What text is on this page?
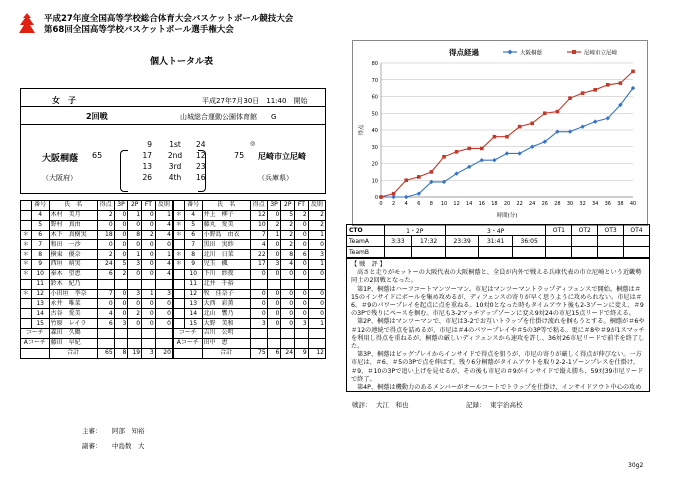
平成27年度全国高等学校総合体育大会バスケットボール競技大会
第68回全国高等学校バスケットボール選手権大会
個人トータル表
女　子	平成27年7月30日　11:40　開始
2回戦	山城総合運動公園体育館　　G
大阪桐蔭
（大阪府）
65
9	1st	24
17	2nd	12
13	3rd	23
26	4th	16
◎
75 尼崎市立尼崎
（兵庫県）
	番号	氏　名	得点	3P	2P	FT	反則		番号	氏　名	得点	3P	2P	FT	反則
	4	木村　美月	2	0	1	0	1	＊	4	井上　柳子	12	0	5	2	2
	5	野村　真由	0	0	0	0	4	＊	5	藤丸　愛美	10	2	2	0	2
＊	6	木下　真樹実	18	0	8	2	4	＊	6	小野島　由衣	7	1	2	0	1
＊	7	和田　一沙	0	0	0	0	0		7	黒田　実紗	4	0	2	0	0
＊	8	横東　優奈	2	0	1	0	1	＊	8	北川　日菜	22	0	8	6	3
＊	9	西垣　萌実	24	5	3	0	4	＊	9	児玉　楓	17	3	4	0	1
＊	10	奉木　望恵	6	2	0	0	4		10	下川　紗夜	0	0	0	0	0
	11	鈴木　紀乃							11	北井　千裕					
＊	12	小田垣　李奈	7	0	3	1	3		12	牧　佳奈子	0	0	0	0	0
	13	永井　唯菜	0	0	0	0	0		13	大西　彩薫	0	0	0	0	0
	14	古谷　愛美	4	0	2	0	0		14	北山　響乃	0	0	0	0	0
	15	竹原　レイラ	6	3	0	0	0		15	大野　美和	3	0	0	3	1
コーチ		森田　久鶴						コーチ		吉川　公明					
Aコーチ		藤田　早紀						Aコーチ		田中　恵					
		合計	65	8	19	3	20			合計	75	6	24	9	12
主審： 阿部　知裕
副審： 中島数　大
得点経過	大阪桐蔭	尼崎市立尼崎
0
10
20
30
40
50
60
70
80
0 2 4 6 8 10 12 14 16 18 20 22 24 26 28 30 32 34 36 38 40
時間(分)
得点
CTO	1・2P		3・4P			OT1	OT2	OT3	OT4
TeamA	3:33	17:32	23:39	31:41	36:05				
TeamB									

【 戦　評 】

高さと走りがモットーの大阪代表の大阪桐蔭と、全員が内外で戦える兵庫代表の市立尼崎という近畿勢同士の2回戦となった。

第1P、桐蔭はハーフコートマンツーマン、市尼はマンツーマントラップディフェンスで開始。桐蔭は＃15のインサイドにボールを集め攻めるが、ディフェンスの寄りが早く思うように攻められない。市尼は＃6、＃9のパワープレイを起点に点を重ねる。10対0となった時もタイムアウト後も2-3ゾーンに変え、＃9の3Pで残りにペースを掴む。市尼も3-2マッチアップゾーンに変え9対24の市尼15点リードで終える。

第2P、桐蔭はマンツーマンで、市尼は3-2でお互いトラップを仕掛け流れを掴もうとする。桐蔭が＃6や＃12の連続で得点を詰めるが、市尼は＃4のパワープレイや＃5の3P等で粘る。更に＃8や＃9が1スマッチを利用し得点を重ねるが、桐蔭の厳しいディフェンスから速攻を許し、36対26市尼リードで前半を終了した。

第3P、桐蔭はビッグプレイからインサイドで得点を狙うが、市尼の寄りが厳しく得点が伸びない。一方市尼は、＃6、＃5の3Pで点を伸ばす。残り6分桐蔭がタイムアウトを取り2-2-1ゾーンプレスを仕掛け、＃9、＃10の3Pで追い上げを見せるが、その後も市尼の＃9がインサイドで縦え勝ち、59対39市尼リードで終了。

第4P、桐蔭は機動力のあるメンバーがオールコートでトラップを仕掛け、インサイドアウト中心の攻め

戦評： 大江　和也	記録： 東宇治高校
30g2
